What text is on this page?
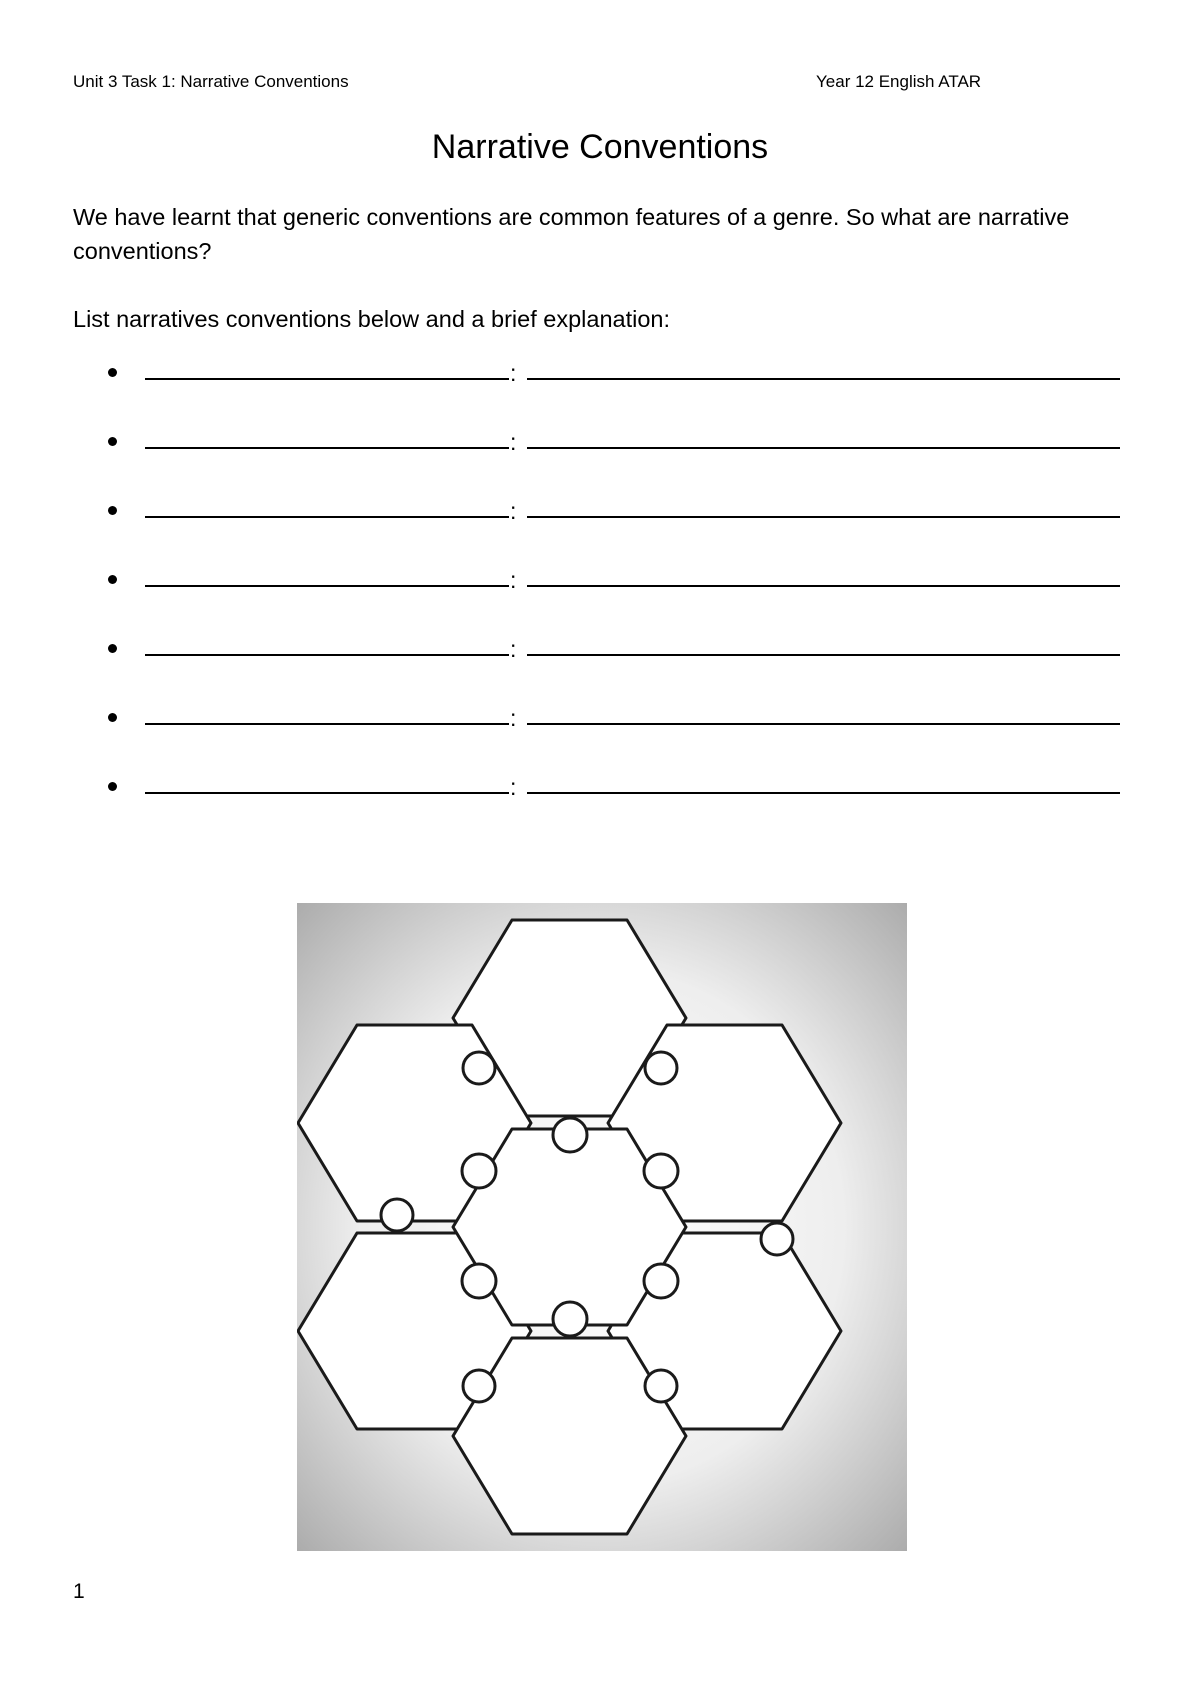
Unit 3 Task 1: Narrative Conventions	Year 12 English ATAR
Narrative Conventions
We have learnt that generic conventions are common features of a genre. So what are narrative conventions?
List narratives conventions below and a brief explanation:
:
:
:
:
:
:
:
1
